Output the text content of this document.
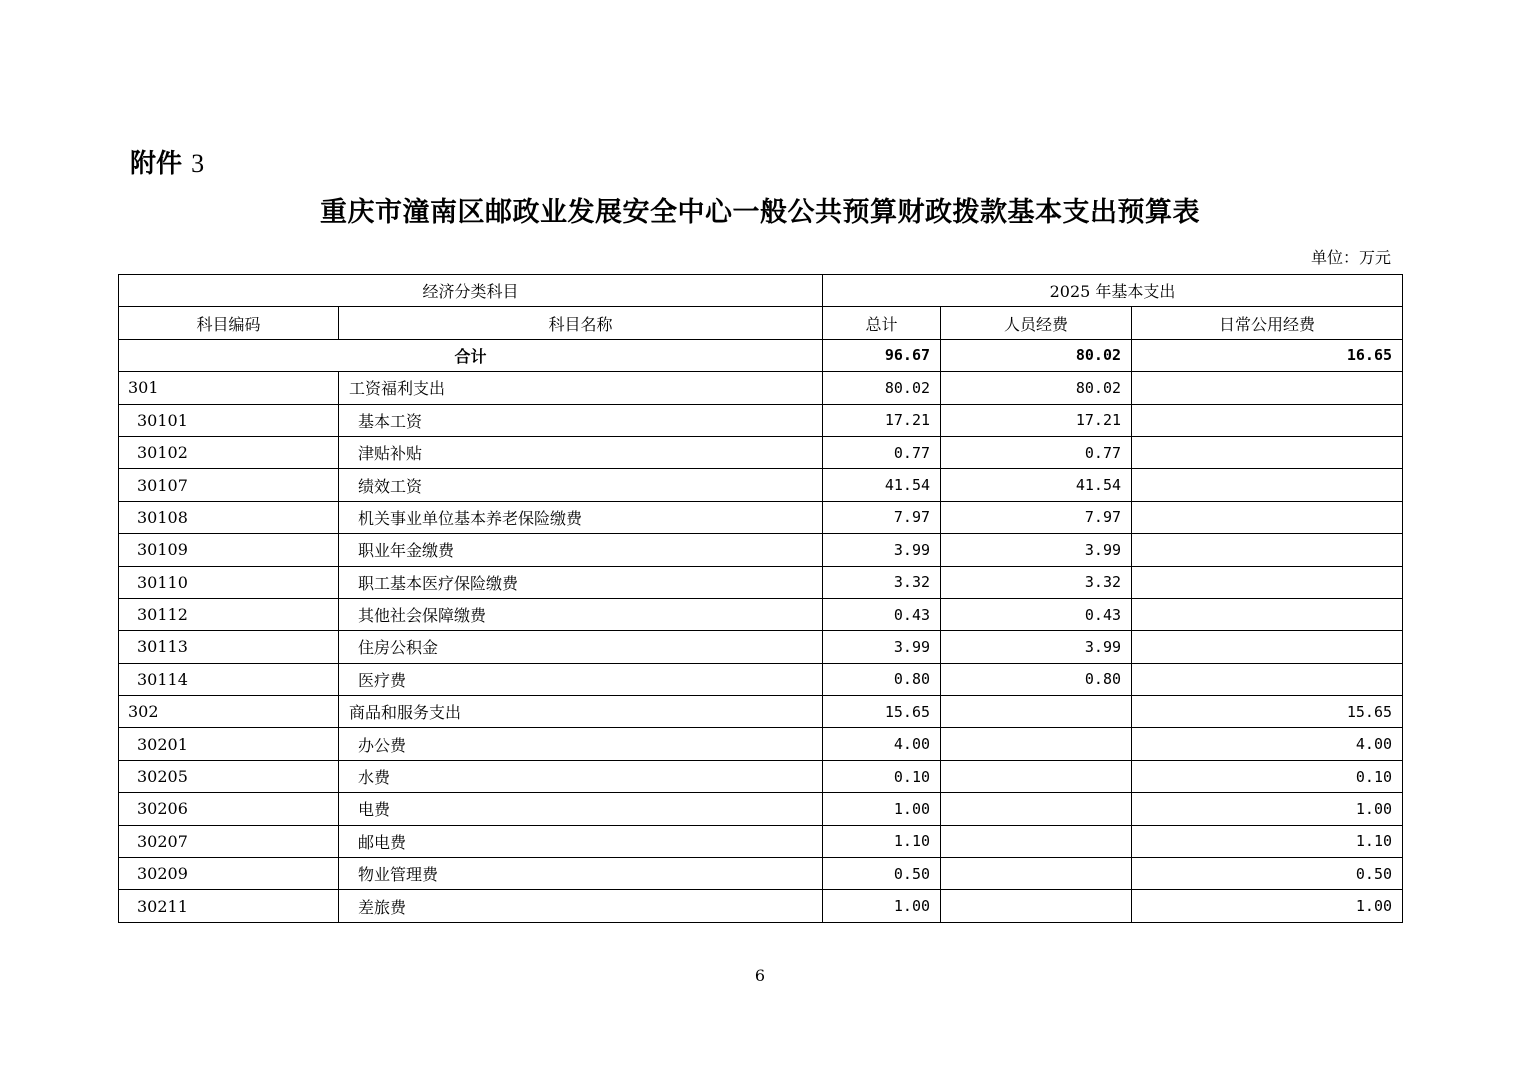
附件 3
重庆市潼南区邮政业发展安全中心一般公共预算财政拨款基本支出预算表
单位：万元
经济分类科目		2025 年基本支出		
科目编码	科目名称	总计	人员经费	日常公用经费
合计		96.67	80.02	16.65
301	工资福利支出	80.02	80.02	
30101	基本工资	17.21	17.21	
30102	津贴补贴	0.77	0.77	
30107	绩效工资	41.54	41.54	
30108	机关事业单位基本养老保险缴费	7.97	7.97	
30109	职业年金缴费	3.99	3.99	
30110	职工基本医疗保险缴费	3.32	3.32	
30112	其他社会保障缴费	0.43	0.43	
30113	住房公积金	3.99	3.99	
30114	医疗费	0.80	0.80	
302	商品和服务支出	15.65		15.65
30201	办公费	4.00		4.00
30205	水费	0.10		0.10
30206	电费	1.00		1.00
30207	邮电费	1.10		1.10
30209	物业管理费	0.50		0.50
30211	差旅费	1.00		1.00
6
